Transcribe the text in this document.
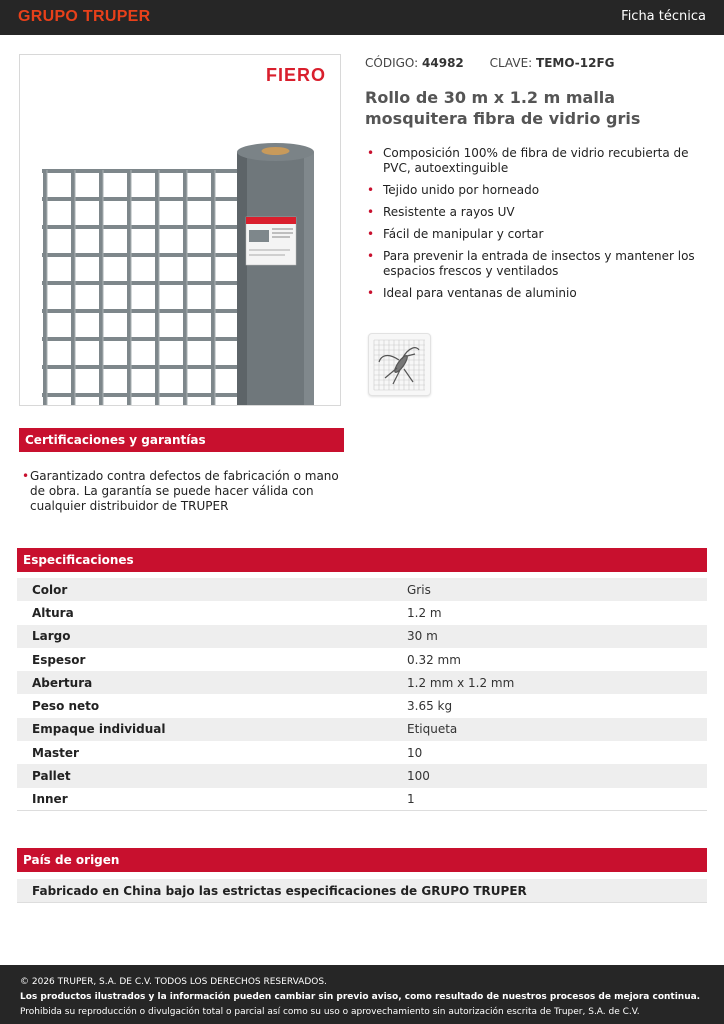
GRUPO TRUPER	Ficha técnica
FIERO
CÓDIGO: 44982 CLAVE: TEMO-12FG
Rollo de 30 m x 1.2 m malla mosquitera fibra de vidrio gris
• Composición 100% de fibra de vidrio recubierta de PVC, autoextinguible
• Tejido unido por horneado
• Resistente a rayos UV
• Fácil de manipular y cortar
• Para prevenir la entrada de insectos y mantener los espacios frescos y ventilados
• Ideal para ventanas de aluminio
Certificaciones y garantías
• Garantizado contra defectos de fabricación o mano de obra. La garantía se puede hacer válida con cualquier distribuidor de TRUPER
Especificaciones
Color	Gris
Altura	1.2 m
Largo	30 m
Espesor	0.32 mm
Abertura	1.2 mm x 1.2 mm
Peso neto	3.65 kg
Empaque individual	Etiqueta
Master	10
Pallet	100
Inner	1
País de origen
Fabricado en China bajo las estrictas especificaciones de GRUPO TRUPER
© 2026 TRUPER, S.A. DE C.V. TODOS LOS DERECHOS RESERVADOS.
Los productos ilustrados y la información pueden cambiar sin previo aviso, como resultado de nuestros procesos de mejora continua.
Prohibida su reproducción o divulgación total o parcial así como su uso o aprovechamiento sin autorización escrita de Truper, S.A. de C.V.
